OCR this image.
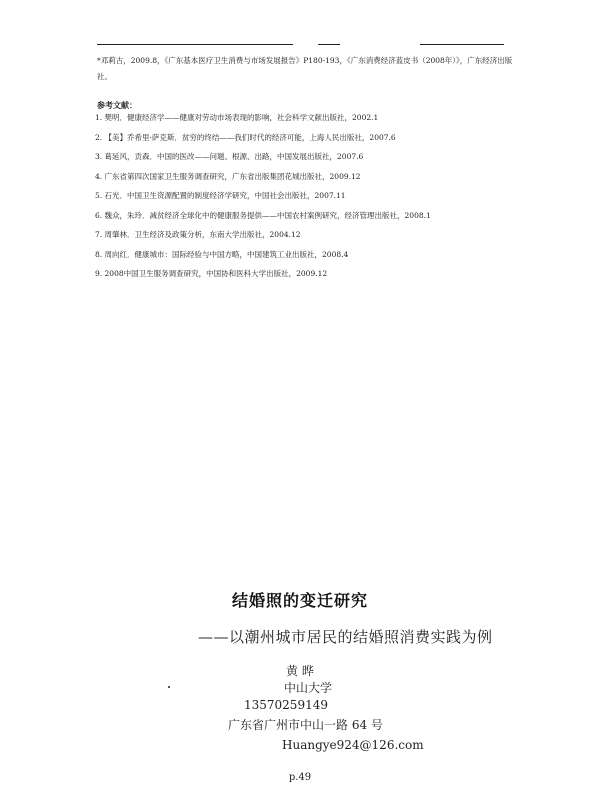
*邓莉古，2009.8，《广东基本医疗卫生消费与市场发展报告》P180-193，《广东消费经济蓝皮书（2008年）》，广东经济出版社。
参考文献：
1. 樊明．健康经济学——健康对劳动市场表现的影响，社会科学文献出版社，2002.1
2. 【美】乔希里·萨克斯．贫穷的终结——我们时代的经济可能，上海人民出版社，2007.6
3. 葛延风，贡森．中国的医改——问题、根源、出路，中国发展出版社，2007.6
4. 广东省第四次国家卫生服务调查研究，广东省出版集团花城出版社，2009.12
5. 石光．中国卫生资源配置的制度经济学研究，中国社会出版社，2007.11
6. 魏众，朱玲．减贫经济全球化中的健康服务提供——中国农村案例研究，经济管理出版社，2008.1
7. 周肇林．卫生经济及政策分析，东南大学出版社，2004.12
8. 周向红．健康城市：国际经验与中国方略，中国建筑工业出版社，2008.4
9. 2008中国卫生服务调查研究，中国协和医科大学出版社，2009.12
结婚照的变迁研究
——以潮州城市居民的结婚照消费实践为例
黄 晔
中山大学
13570259149
广东省广州市中山一路 64 号
Huangye924@126.com
p.49
